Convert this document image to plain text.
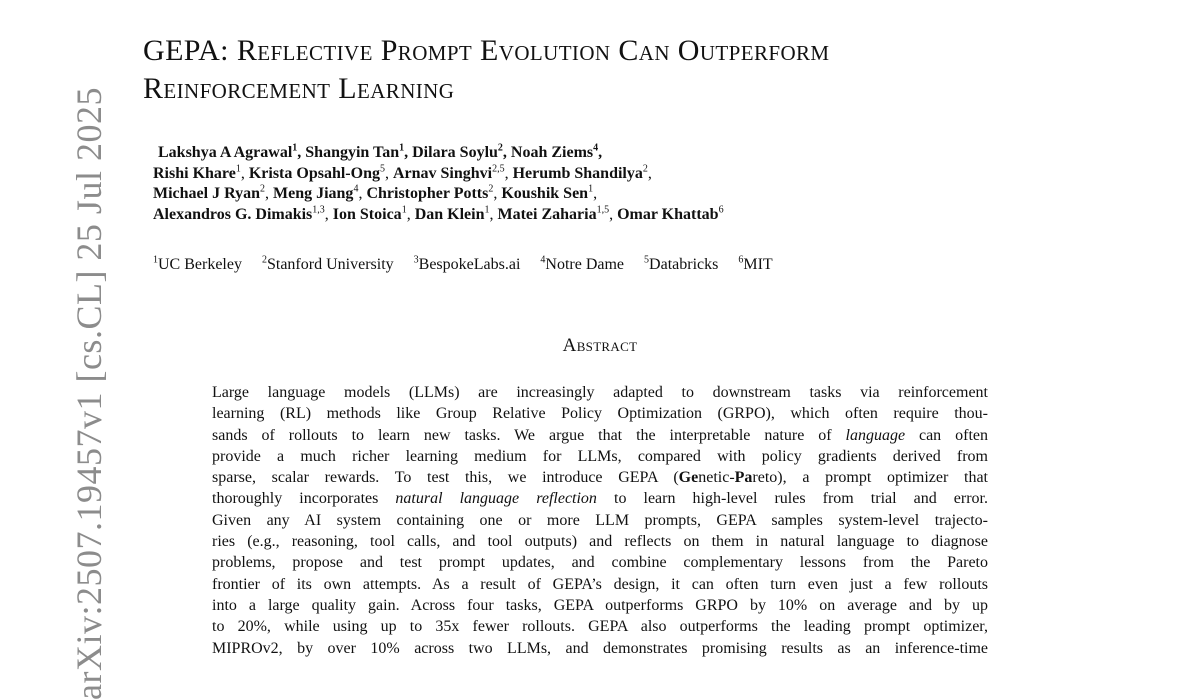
GEPA: Reflective Prompt Evolution Can Outperform
Reinforcement Learning
Lakshya A Agrawal$^1$, Shangyin Tan$^1$, Dilara Soylu$^2$, Noah Ziems$^4$,
Rishi Khare$^1$, Krista Opsahl-Ong$^5$, Arnav Singhvi$^{2,5}$, Herumb Shandilya$^2$,
Michael J Ryan$^2$, Meng Jiang$^4$, Christopher Potts$^2$, Koushik Sen$^1$,
Alexandros G. Dimakis$^{1,3}$, Ion Stoica$^1$, Dan Klein$^1$, Matei Zaharia$^{1,5}$, Omar Khattab$^6$
$^1$UC Berkeley $^2$Stanford University $^3$BespokeLabs.ai $^4$Notre Dame $^5$Databricks $^6$MIT
Abstract
Large language models (LLMs) are increasingly adapted to downstream tasks via reinforcement
learning (RL) methods like Group Relative Policy Optimization (GRPO), which often require thou-
sands of rollouts to learn new tasks. We argue that the interpretable nature of language can often
provide a much richer learning medium for LLMs, compared with policy gradients derived from
sparse, scalar rewards. To test this, we introduce GEPA (Genetic-Pareto), a prompt optimizer that
thoroughly incorporates natural language reflection to learn high-level rules from trial and error.
Given any AI system containing one or more LLM prompts, GEPA samples system-level trajecto-
ries (e.g., reasoning, tool calls, and tool outputs) and reflects on them in natural language to diagnose
problems, propose and test prompt updates, and combine complementary lessons from the Pareto
frontier of its own attempts. As a result of GEPA’s design, it can often turn even just a few rollouts
into a large quality gain. Across four tasks, GEPA outperforms GRPO by 10% on average and by up
to 20%, while using up to 35x fewer rollouts. GEPA also outperforms the leading prompt optimizer,
MIPROv2, by over 10% across two LLMs, and demonstrates promising results as an inference-time
arXiv:2507.19457v1 [cs.CL] 25 Jul 2025
